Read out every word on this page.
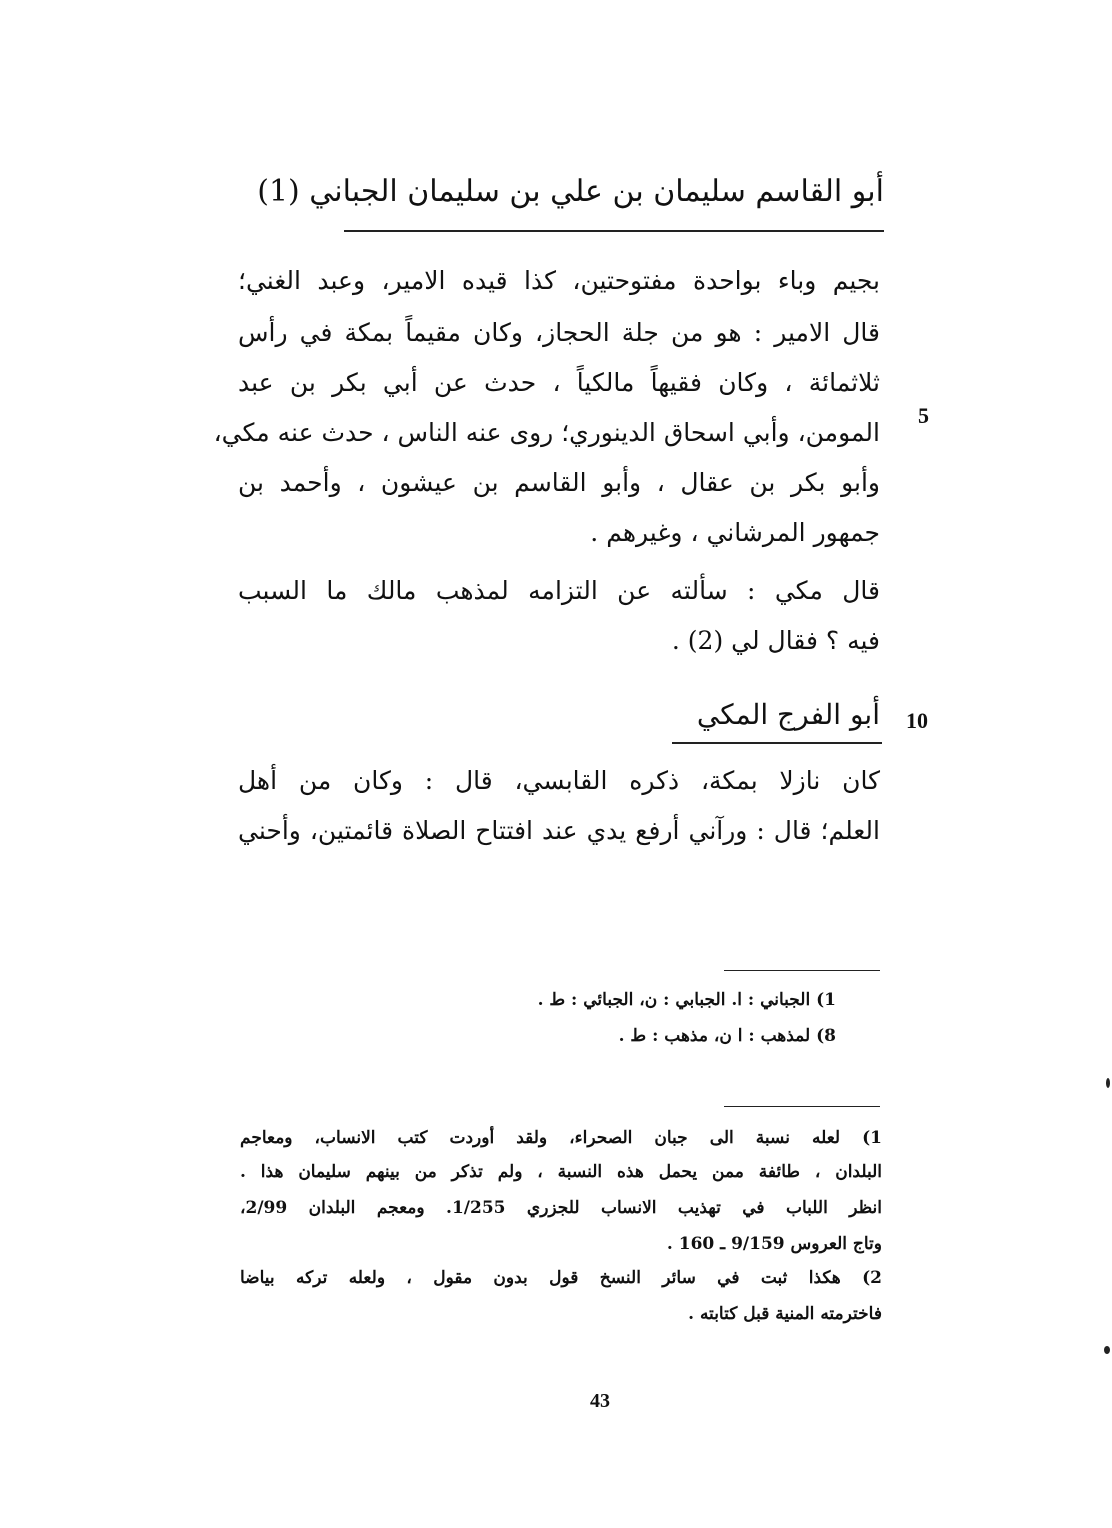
أبو القاسم سليمان بن علي بن سليمان الجباني (1)
بجيم وباء بواحدة مفتوحتين، كذا قيده الامير، وعبد الغني؛
قال الامير : هو من جلة الحجاز، وكان مقيماً بمكة في رأس
ثلاثمائة ، وكان فقيهاً مالكياً ، حدث عن أبي بكر بن عبد
المومن، وأبي اسحاق الدينوري؛ روى عنه الناس ، حدث عنه مكي،
وأبو بكر بن عقال ، وأبو القاسم بن عيشون ، وأحمد بن
جمهور المرشاني ، وغيرهم .
5
قال مكي : سألته عن التزامه لمذهب مالك ما السبب
فيه ؟ فقال لي (2) .
أبو الفرج المكي 10
كان نازلا بمكة، ذكره القابسي، قال : وكان من أهل
العلم؛ قال : ورآني أرفع يدي عند افتتاح الصلاة قائمتين، وأحني
1) الجباني : ا. الجبابي : ن، الجبائي : ط .
8) لمذهب : ا ن، مذهب : ط .
1) لعله نسبة الى جبان الصحراء، ولقد أوردت كتب الانساب، ومعاجم
البلدان ، طائفة ممن يحمل هذه النسبة ، ولم تذكر من بينهم سليمان هذا .
انظر اللباب في تهذيب الانساب للجزري 1/255. ومعجم البلدان 2/99،
وتاج العروس 9/159 ـ 160 .
2) هكذا ثبت في سائر النسخ قول بدون مقول ، ولعله تركه بياضا
فاخترمته المنية قبل كتابته .
43
